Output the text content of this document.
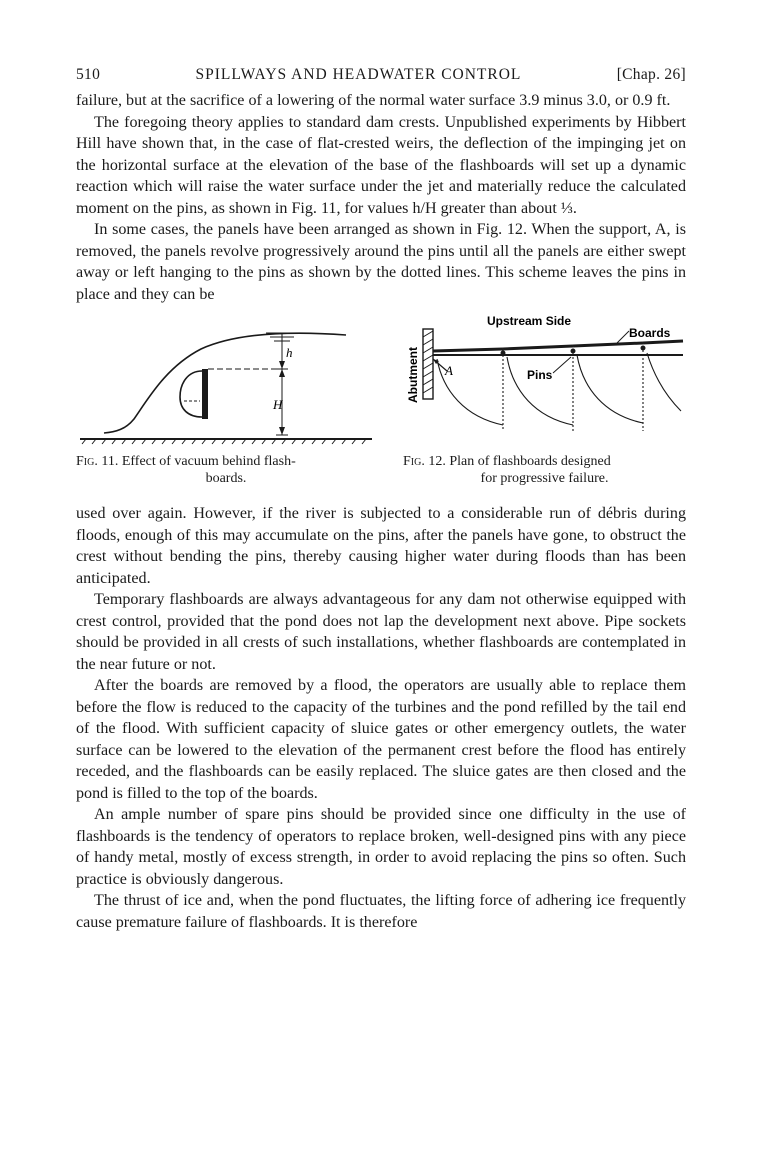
510	SPILLWAYS AND HEADWATER CONTROL	[Chap. 26]

failure, but at the sacrifice of a lowering of the normal water surface 3.9 minus 3.0, or 0.9 ft.

The foregoing theory applies to standard dam crests. Unpublished experiments by Hibbert Hill have shown that, in the case of flat-crested weirs, the deflection of the impinging jet on the horizontal surface at the elevation of the base of the flashboards will set up a dynamic reaction which will raise the water surface under the jet and materially reduce the calculated moment on the pins, as shown in Fig. 11, for values h/H greater than about ⅓.

In some cases, the panels have been arranged as shown in Fig. 12. When the support, A, is removed, the panels revolve progressively around the pins until all the panels are either swept away or left hanging to the pins as shown by the dotted lines. This scheme leaves the pins in place and they can be

h
H
Fig. 11. Effect of vacuum behind flash-
boards.
Abutment A	Pins
Upstream Side
Boards
Fig. 12. Plan of flashboards designed
for progressive failure.

used over again. However, if the river is subjected to a considerable run of débris during floods, enough of this may accumulate on the pins, after the panels have gone, to obstruct the crest without bending the pins, thereby causing higher water during floods than has been anticipated.

Temporary flashboards are always advantageous for any dam not otherwise equipped with crest control, provided that the pond does not lap the development next above. Pipe sockets should be provided in all crests of such installations, whether flashboards are contemplated in the near future or not.

After the boards are removed by a flood, the operators are usually able to replace them before the flow is reduced to the capacity of the turbines and the pond refilled by the tail end of the flood. With sufficient capacity of sluice gates or other emergency outlets, the water surface can be lowered to the elevation of the permanent crest before the flood has entirely receded, and the flashboards can be easily replaced. The sluice gates are then closed and the pond is filled to the top of the boards.

An ample number of spare pins should be provided since one difficulty in the use of flashboards is the tendency of operators to replace broken, well-designed pins with any piece of handy metal, mostly of excess strength, in order to avoid replacing the pins so often. Such practice is obviously dangerous.

The thrust of ice and, when the pond fluctuates, the lifting force of adhering ice frequently cause premature failure of flashboards. It is therefore
